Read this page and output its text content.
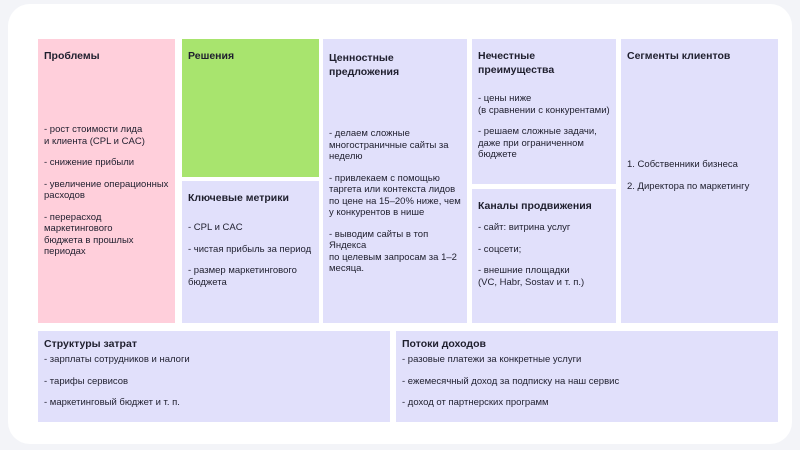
Проблемы
- рост стоимости лида
и клиента (CPL и CAC)
- снижение прибыли
- увеличение операционных
расходов
- перерасход маркетингового
бюджета в прошлых периодах
Решения
Ключевые метрики
- CPL и CAC
- чистая прибыль за период
- размер маркетингового
бюджета
Ценностные предложения
- делаем сложные
многостраничные сайты за
неделю
- привлекаем с помощью
таргета или контекста лидов
по цене на 15–20% ниже, чем
у конкурентов в нише
- выводим сайты в топ Яндекса
по целевым запросам за 1–2
месяца.
Нечестные преимущества
- цены ниже
(в сравнении с конкурентами)
- решаем сложные задачи,
даже при ограниченном
бюджете
Каналы продвижения
- сайт: витрина услуг
- соцсети;
- внешние площадки
(VC, Habr, Sostav и т. п.)
Сегменты клиентов
1. Собственники бизнеса
2. Директора по маркетингу
Структуры затрат
- зарплаты сотрудников и налоги
- тарифы сервисов
- маркетинговый бюджет и т. п.
Потоки доходов
- разовые платежи за конкретные услуги
- ежемесячный доход за подписку на наш сервис
- доход от партнерских программ
